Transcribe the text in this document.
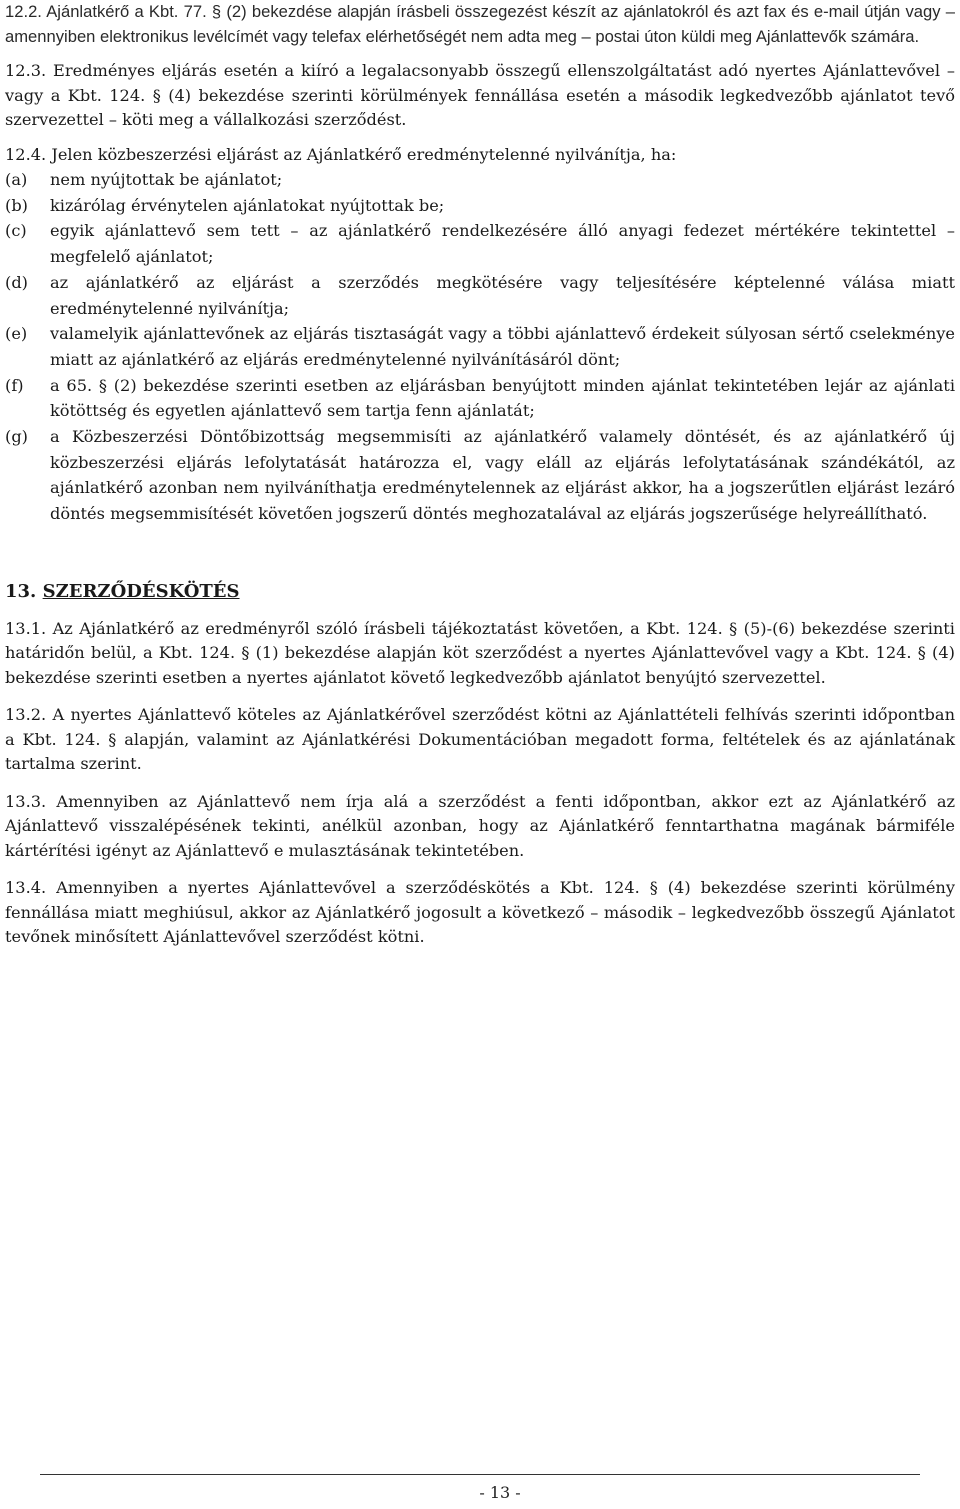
12.2. Ajánlatkérő a Kbt. 77. § (2) bekezdése alapján írásbeli összegezést készít az ajánlatokról és azt fax és e-mail útján vagy – amennyiben elektronikus levélcímét vagy telefax elérhetőségét nem adta meg – postai úton küldi meg Ajánlattevők számára.

12.3. Eredményes eljárás esetén a kiíró a legalacsonyabb összegű ellenszolgáltatást adó nyertes Ajánlattevővel – vagy a Kbt. 124. § (4) bekezdése szerinti körülmények fennállása esetén a második legkedvezőbb ajánlatot tevő szervezettel – köti meg a vállalkozási szerződést.

12.4. Jelen közbeszerzési eljárást az Ajánlatkérő eredménytelenné nyilvánítja, ha:

(a)	nem nyújtottak be ajánlatot;
(b)	kizárólag érvénytelen ajánlatokat nyújtottak be;
(c)	egyik ajánlattevő sem tett – az ajánlatkérő rendelkezésére álló anyagi fedezet mértékére tekintettel – megfelelő ajánlatot;
(d)	az ajánlatkérő az eljárást a szerződés megkötésére vagy teljesítésére képtelenné válása miatt eredménytelenné nyilvánítja;
(e)	valamelyik ajánlattevőnek az eljárás tisztaságát vagy a többi ajánlattevő érdekeit súlyosan sértő cselekménye miatt az ajánlatkérő az eljárás eredménytelenné nyilvánításáról dönt;
(f)	a 65. § (2) bekezdése szerinti esetben az eljárásban benyújtott minden ajánlat tekintetében lejár az ajánlati kötöttség és egyetlen ajánlattevő sem tartja fenn ajánlatát;
(g)	a Közbeszerzési Döntőbizottság megsemmisíti az ajánlatkérő valamely döntését, és az ajánlatkérő új közbeszerzési eljárás lefolytatását határozza el, vagy eláll az eljárás lefolytatásának szándékától, az ajánlatkérő azonban nem nyilváníthatja eredménytelennek az eljárást akkor, ha a jogszerűtlen eljárást lezáró döntés megsemmisítését követően jogszerű döntés meghozatalával az eljárás jogszerűsége helyreállítható.
13. SZERZŐDÉSKÖTÉS

13.1. Az Ajánlatkérő az eredményről szóló írásbeli tájékoztatást követően, a Kbt. 124. § (5)-(6) bekezdése szerinti határidőn belül, a Kbt. 124. § (1) bekezdése alapján köt szerződést a nyertes Ajánlattevővel vagy a Kbt. 124. § (4) bekezdése szerinti esetben a nyertes ajánlatot követő legkedvezőbb ajánlatot benyújtó szervezettel.

13.2. A nyertes Ajánlattevő köteles az Ajánlatkérővel szerződést kötni az Ajánlattételi felhívás szerinti időpontban a Kbt. 124. § alapján, valamint az Ajánlatkérési Dokumentációban megadott forma, feltételek és az ajánlatának tartalma szerint.

13.3. Amennyiben az Ajánlattevő nem írja alá a szerződést a fenti időpontban, akkor ezt az Ajánlatkérő az Ajánlattevő visszalépésének tekinti, anélkül azonban, hogy az Ajánlatkérő fenntarthatna magának bármiféle kártérítési igényt az Ajánlattevő e mulasztásának tekintetében.

13.4. Amennyiben a nyertes Ajánlattevővel a szerződéskötés a Kbt. 124. § (4) bekezdése szerinti körülmény fennállása miatt meghiúsul, akkor az Ajánlatkérő jogosult a következő – második – legkedvezőbb összegű Ajánlatot tevőnek minősített Ajánlattevővel szerződést kötni.

- 13 -
